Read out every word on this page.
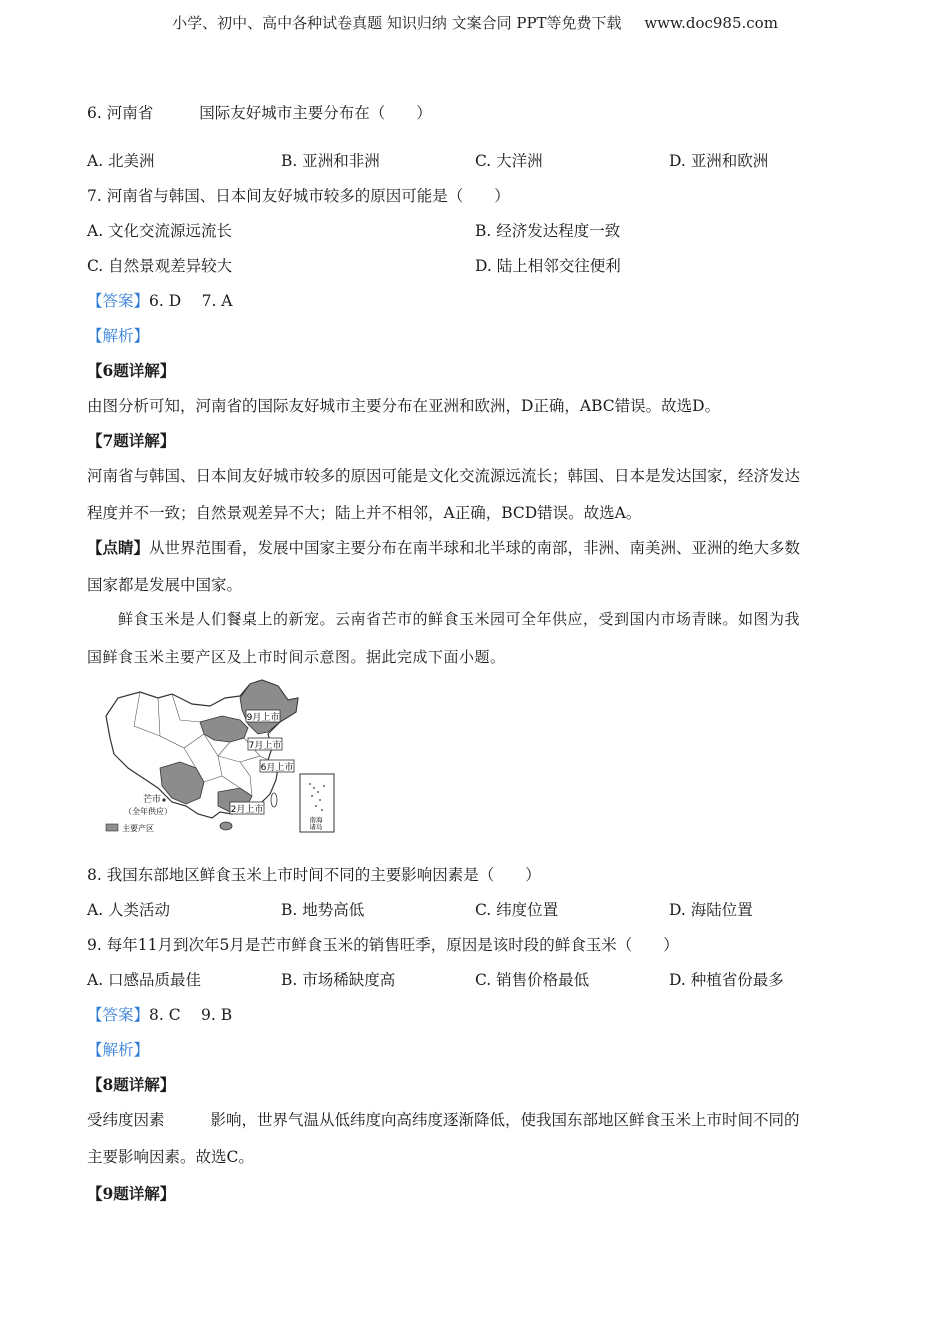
小学、初中、高中各种试卷真题 知识归纳 文案合同 PPT等免费下载 www.doc985.com
6. 河南省	国际友好城市主要分布在（　　）
A. 北美洲	B. 亚洲和非洲	C. 大洋洲	D. 亚洲和欧洲
7. 河南省与韩国、日本间友好城市较多的原因可能是（　　）
A. 文化交流源远流长	B. 经济发达程度一致
C. 自然景观差异较大	D. 陆上相邻交往便利
【答案】6. D　 7. A
【解析】
【6题详解】
由图分析可知，河南省的国际友好城市主要分布在亚洲和欧洲，D正确，ABC错误。故选D。
【7题详解】
河南省与韩国、日本间友好城市较多的原因可能是文化交流源远流长；韩国、日本是发达国家，经济发达
程度并不一致；自然景观差异不大；陆上并不相邻，A正确，BCD错误。故选A。
【点睛】从世界范围看，发展中国家主要分布在南半球和北半球的南部，非洲、南美洲、亚洲的绝大多数
国家都是发展中国家。
鲜食玉米是人们餐桌上的新宠。云南省芒市的鲜食玉米园可全年供应，受到国内市场青睐。如图为我
国鲜食玉米主要产区及上市时间示意图。据此完成下面小题。
南海
诸岛
9月上市
7月上市
6月上市
2月上市
芒市
（全年供应）
主要产区
8. 我国东部地区鲜食玉米上市时间不同的主要影响因素是（　　）
A. 人类活动	B. 地势高低	C. 纬度位置	D. 海陆位置
9. 每年11月到次年5月是芒市鲜食玉米的销售旺季，原因是该时段的鲜食玉米（　　）
A. 口感品质最佳	B. 市场稀缺度高	C. 销售价格最低	D. 种植省份最多
【答案】8. C　 9. B
【解析】
【8题详解】
受纬度因素	影响，世界气温从低纬度向高纬度逐渐降低，使我国东部地区鲜食玉米上市时间不同的
主要影响因素。故选C。
【9题详解】
